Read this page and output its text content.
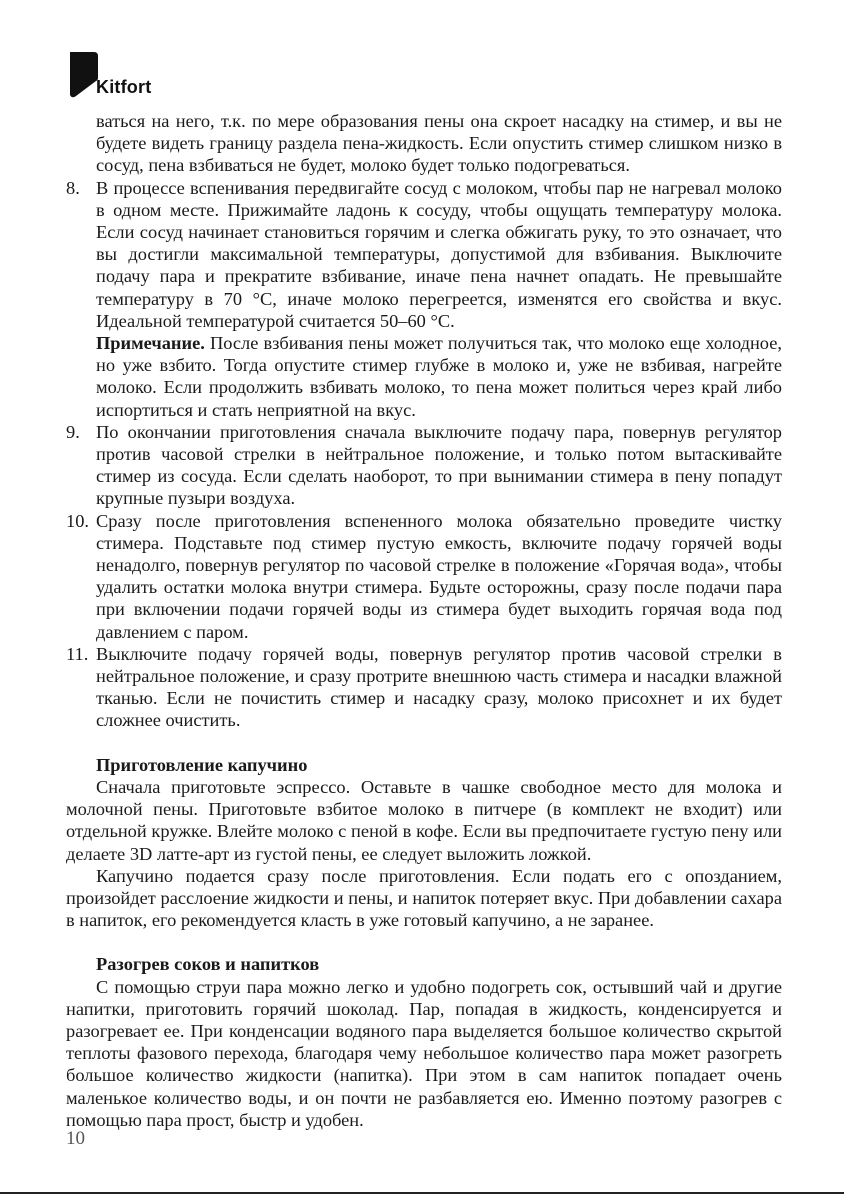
Kitfort

ваться на него, т.к. по мере образования пены она скроет насадку на стимер, и вы не будете видеть границу раздела пена-жидкость. Если опустить стимер слишком низко в сосуд, пена взбиваться не будет, молоко будет только подогреваться.

8. В процессе вспенивания передвигайте сосуд с молоком, чтобы пар не нагревал молоко в одном месте. Прижимайте ладонь к сосуду, чтобы ощущать температуру молока. Если сосуд начинает становиться горячим и слегка обжигать руку, то это означает, что вы достигли максимальной температуры, допустимой для взбивания. Выключите подачу пара и прекратите взбивание, иначе пена начнет опадать. Не превышайте температуру в 70 °С, иначе молоко перегреется, изменятся его свойства и вкус. Идеальной температурой считается 50–60 °С.

Примечание. После взбивания пены может получиться так, что молоко еще холодное, но уже взбито. Тогда опустите стимер глубже в молоко и, уже не взбивая, нагрейте молоко. Если продолжить взбивать молоко, то пена может политься через край либо испортиться и стать неприятной на вкус.

9. По окончании приготовления сначала выключите подачу пара, повернув регулятор против часовой стрелки в нейтральное положение, и только потом вытаскивайте стимер из сосуда. Если сделать наоборот, то при вынимании стимера в пену попадут крупные пузыри воздуха.

10. Сразу после приготовления вспененного молока обязательно проведите чистку стимера. Подставьте под стимер пустую емкость, включите подачу горячей воды ненадолго, повернув регулятор по часовой стрелке в положение «Горячая вода», чтобы удалить остатки молока внутри стимера. Будьте осторожны, сразу после подачи пара при включении подачи горячей воды из стимера будет выходить горячая вода под давлением с паром.

11. Выключите подачу горячей воды, повернув регулятор против часовой стрелки в нейтральное положение, и сразу протрите внешнюю часть стимера и насадки влажной тканью. Если не почистить стимер и насадку сразу, молоко присохнет и их будет сложнее очистить.

Приготовление капучино

Сначала приготовьте эспрессо. Оставьте в чашке свободное место для молока и молочной пены. Приготовьте взбитое молоко в питчере (в комплект не входит) или отдельной кружке. Влейте молоко с пеной в кофе. Если вы предпочитаете густую пену или делаете 3D латте-арт из густой пены, ее следует выложить ложкой.

Капучино подается сразу после приготовления. Если подать его с опозданием, произойдет расслоение жидкости и пены, и напиток потеряет вкус. При добавлении сахара в напиток, его рекомендуется класть в уже готовый капучино, а не заранее.

Разогрев соков и напитков

С помощью струи пара можно легко и удобно подогреть сок, остывший чай и другие напитки, приготовить горячий шоколад. Пар, попадая в жидкость, конденсируется и разогревает ее. При конденсации водяного пара выделяется большое количество скрытой теплоты фазового перехода, благодаря чему небольшое количество пара может разогреть большое количество жидкости (напитка). При этом в сам напиток попадает очень маленькое количество воды, и он почти не разбавляется ею. Именно поэтому разогрев с помощью пара прост, быстр и удобен.

10
